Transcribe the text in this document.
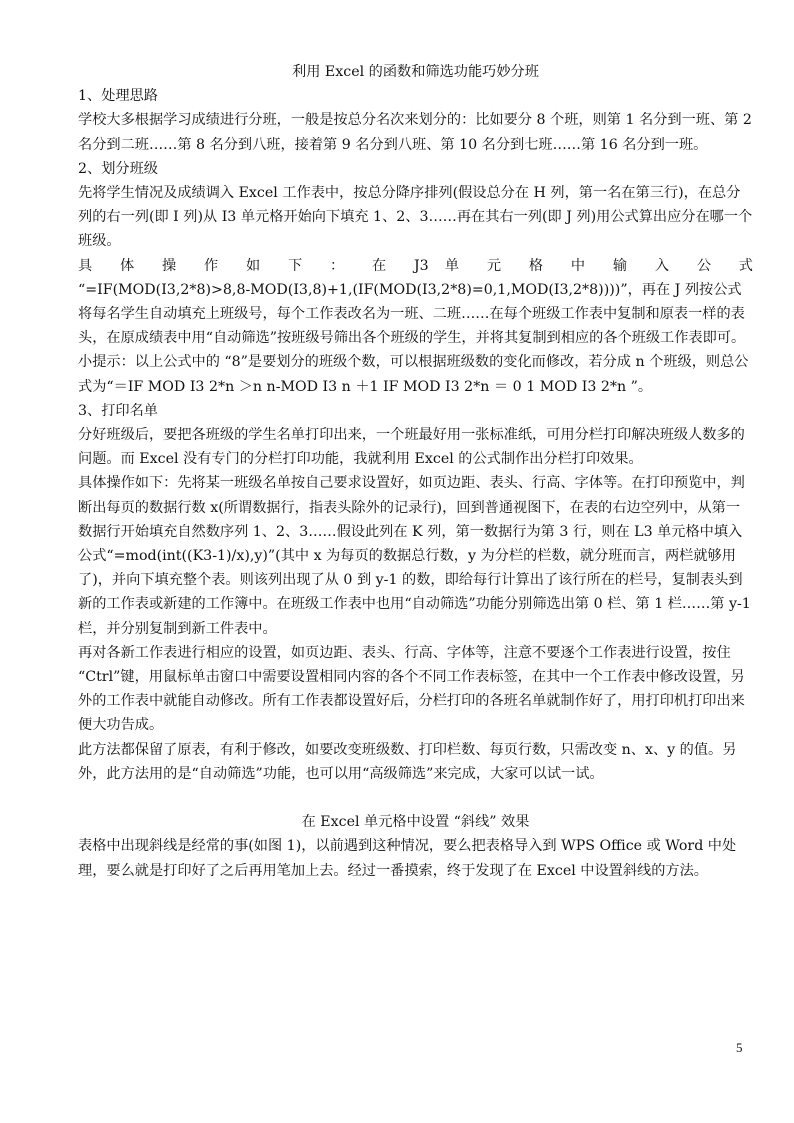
利用 Excel 的函数和筛选功能巧妙分班

1、处理思路

学校大多根据学习成绩进行分班，一般是按总分名次来划分的：比如要分 8 个班，则第 1 名分到一班、第 2 名分到二班……第 8 名分到八班，接着第 9 名分到八班、第 10 名分到七班……第 16 名分到一班。

2、划分班级

先将学生情况及成绩调入 Excel 工作表中，按总分降序排列(假设总分在 H 列，第一名在第三行)，在总分列的右一列(即 I 列)从 I3 单元格开始向下填充 1、2、3……再在其右一列(即 J 列)用公式算出应分在哪一个班级。

具 体 操 作 如 下 ： 在 J3 单 元 格 中 输 入 公 式

“=IF(MOD(I3,2*8)>8,8-MOD(I3,8)+1,(IF(MOD(I3,2*8)=0,1,MOD(I3,2*8))))”，再在 J 列按公式将每名学生自动填充上班级号，每个工作表改名为一班、二班……在每个班级工作表中复制和原表一样的表头，在原成绩表中用“自动筛选”按班级号筛出各个班级的学生，并将其复制到相应的各个班级工作表即可。

小提示：以上公式中的 “8”是要划分的班级个数，可以根据班级数的变化而修改，若分成 n 个班级，则总公式为“＝IF MOD I3 2*n ＞n n-MOD I3 n ＋1 IF MOD I3 2*n ＝ 0 1 MOD I3 2*n ”。

3、打印名单

分好班级后，要把各班级的学生名单打印出来，一个班最好用一张标准纸，可用分栏打印解决班级人数多的问题。而 Excel 没有专门的分栏打印功能，我就利用 Excel 的公式制作出分栏打印效果。

具体操作如下：先将某一班级名单按自己要求设置好，如页边距、表头、行高、字体等。在打印预览中，判断出每页的数据行数 x(所谓数据行，指表头除外的记录行)，回到普通视图下，在表的右边空列中，从第一数据行开始填充自然数序列 1、2、3……假设此列在 K 列，第一数据行为第 3 行，则在 L3 单元格中填入公式“=mod(int((K3-1)/x),y)”(其中 x 为每页的数据总行数，y 为分栏的栏数，就分班而言，两栏就够用了)，并向下填充整个表。则该列出现了从 0 到 y-1 的数，即给每行计算出了该行所在的栏号，复制表头到新的工作表或新建的工作簿中。在班级工作表中也用“自动筛选”功能分别筛选出第 0 栏、第 1 栏……第 y-1 栏，并分别复制到新工件表中。

再对各新工作表进行相应的设置，如页边距、表头、行高、字体等，注意不要逐个工作表进行设置，按住 “Ctrl”键，用鼠标单击窗口中需要设置相同内容的各个不同工作表标签，在其中一个工作表中修改设置，另外的工作表中就能自动修改。所有工作表都设置好后，分栏打印的各班名单就制作好了，用打印机打印出来便大功告成。

此方法都保留了原表，有利于修改，如要改变班级数、打印栏数、每页行数，只需改变 n、x、y 的值。另外，此方法用的是“自动筛选”功能，也可以用“高级筛选”来完成，大家可以试一试。

在 Excel 单元格中设置 “斜线” 效果

表格中出现斜线是经常的事(如图 1)，以前遇到这种情况，要么把表格导入到 WPS Office 或 Word 中处理，要么就是打印好了之后再用笔加上去。经过一番摸索，终于发现了在 Excel 中设置斜线的方法。

5
